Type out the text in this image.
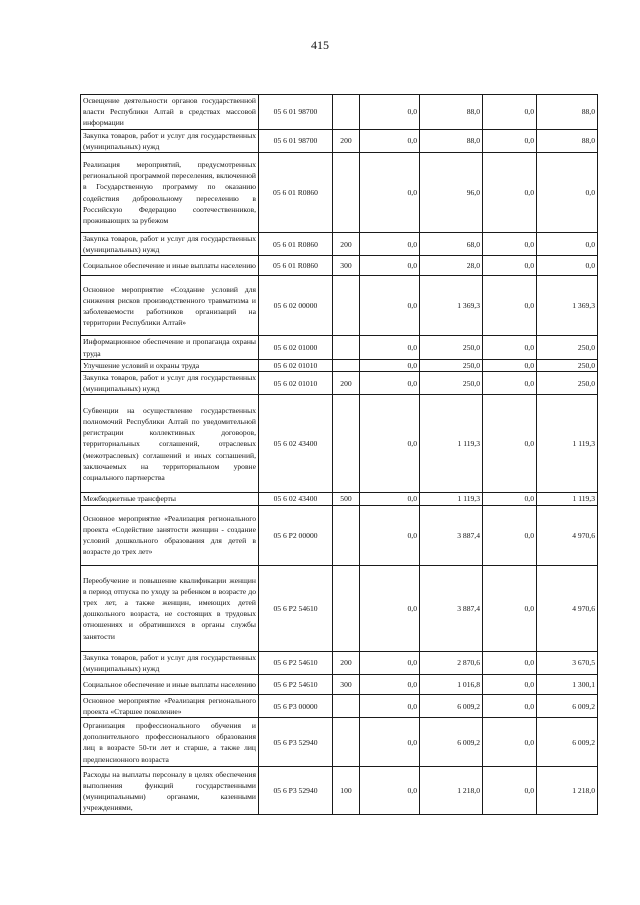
415
Освещение деятельности органов государственной власти Республики Алтай в средствах массовой информации	05 6 01 98700		0,0	88,0	0,0	88,0
Закупка товаров, работ и услуг для государственных (муниципальных) нужд	05 6 01 98700	200	0,0	88,0	0,0	88,0
Реализация мероприятий, предусмотренных региональной программой переселения, включенной в Государственную программу по оказанию содействия добровольному переселению в Российскую Федерацию соотечественников, проживающих за рубежом	05 6 01 R0860		0,0	96,0	0,0	0,0
Закупка товаров, работ и услуг для государственных (муниципальных) нужд	05 6 01 R0860	200	0,0	68,0	0,0	0,0
Социальное обеспечение и иные выплаты населению	05 6 01 R0860	300	0,0	28,0	0,0	0,0
Основное мероприятие «Создание условий для снижения рисков производственного травматизма и заболеваемости работников организаций на территории Республики Алтай»	05 6 02 00000		0,0	1 369,3	0,0	1 369,3
Информационное обеспечение и пропаганда охраны труда	05 6 02 01000		0,0	250,0	0,0	250,0
Улучшение условий и охраны труда	05 6 02 01010		0,0	250,0	0,0	250,0
Закупка товаров, работ и услуг для государственных (муниципальных) нужд	05 6 02 01010	200	0,0	250,0	0,0	250,0
Субвенции на осуществление государственных полномочий Республики Алтай по уведомительной регистрации коллективных договоров, территориальных соглашений, отраслевых (межотраслевых) соглашений и иных соглашений, заключаемых на территориальном уровне социального партнерства	05 6 02 43400		0,0	1 119,3	0,0	1 119,3
Межбюджетные трансферты	05 6 02 43400	500	0,0	1 119,3	0,0	1 119,3
Основное мероприятие «Реализация регионального проекта «Содействие занятости женщин - создание условий дошкольного образования для детей в возрасте до трех лет»	05 6 P2 00000		0,0	3 887,4	0,0	4 970,6
Переобучение и повышение квалификации женщин в период отпуска по уходу за ребенком в возрасте до трех лет, а также женщин, имеющих детей дошкольного возраста, не состоящих в трудовых отношениях и обратившихся в органы службы занятости	05 6 P2 54610		0,0	3 887,4	0,0	4 970,6
Закупка товаров, работ и услуг для государственных (муниципальных) нужд	05 6 P2 54610	200	0,0	2 870,6	0,0	3 670,5
Социальное обеспечение и иные выплаты населению	05 6 P2 54610	300	0,0	1 016,8	0,0	1 300,1
Основное мероприятие «Реализация регионального проекта «Старшее поколение»	05 6 P3 00000		0,0	6 009,2	0,0	6 009,2
Организация профессионального обучения и дополнительного профессионального образования лиц в возрасте 50-ти лет и старше, а также лиц предпенсионного возраста	05 6 P3 52940		0,0	6 009,2	0,0	6 009,2
Расходы на выплаты персоналу в целях обеспечения выполнения функций государственными (муниципальными) органами, казенными учреждениями,	05 6 P3 52940	100	0,0	1 218,0	0,0	1 218,0
